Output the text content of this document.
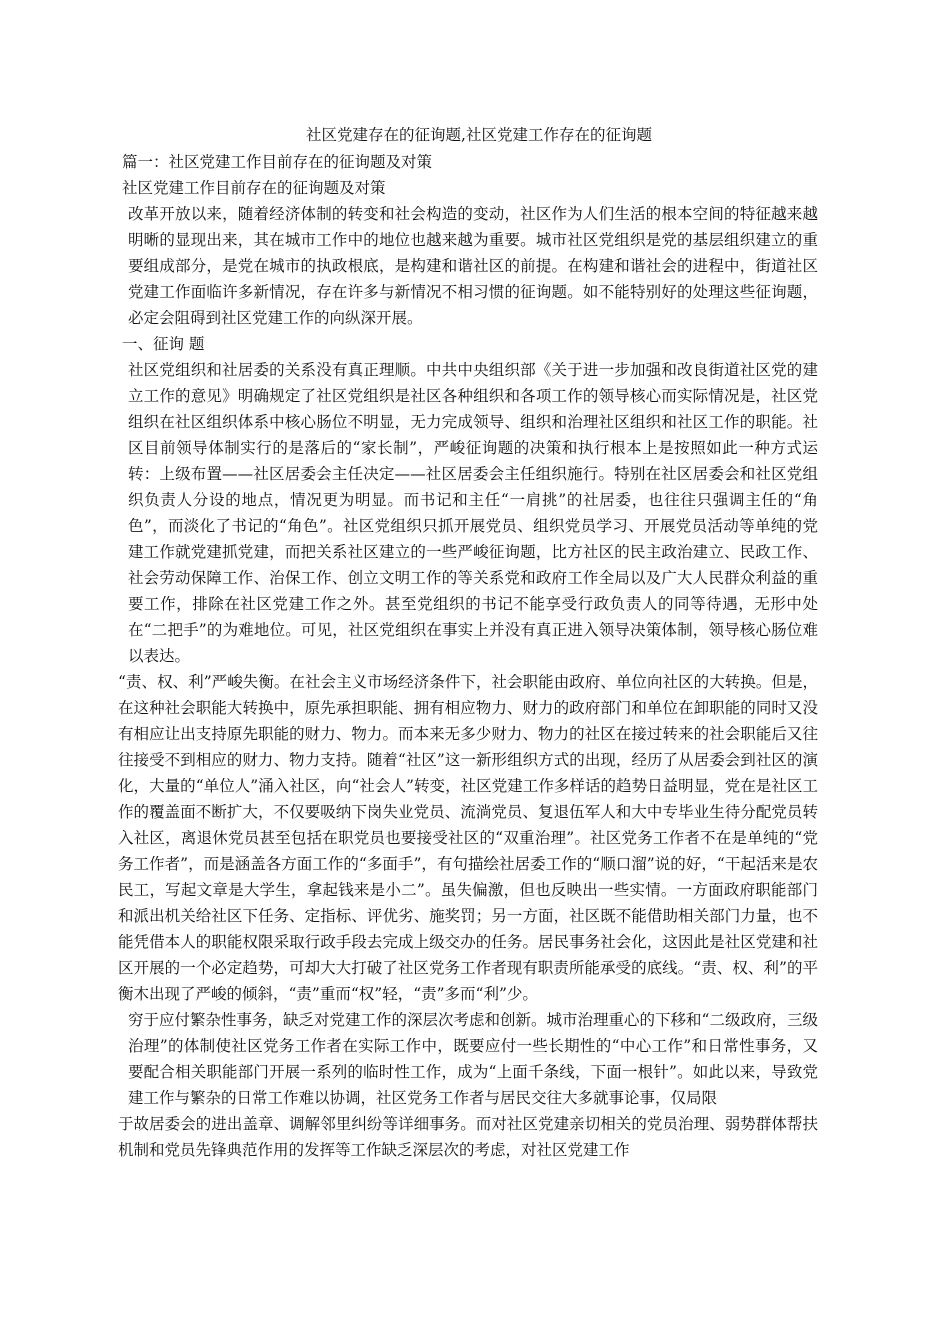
社区党建存在的征询题,社区党建工作存在的征询题

篇一：社区党建工作目前存在的征询题及对策

社区党建工作目前存在的征询题及对策

改革开放以来，随着经济体制的转变和社会构造的变动，社区作为人们生活的根本空间的特征越来越明晰的显现出来，其在城市工作中的地位也越来越为重要。城市社区党组织是党的基层组织建立的重要组成部分，是党在城市的执政根底，是构建和谐社区的前提。在构建和谐社会的进程中，街道社区党建工作面临许多新情况，存在许多与新情况不相习惯的征询题。如不能特别好的处理这些征询题，必定会阻碍到社区党建工作的向纵深开展。

一、征询 题

社区党组织和社居委的关系没有真正理顺。中共中央组织部《关于进一步加强和改良街道社区党的建立工作的意见》明确规定了社区党组织是社区各种组织和各项工作的领导核心而实际情况是，社区党组织在社区组织体系中核心肠位不明显，无力完成领导、组织和治理社区组织和社区工作的职能。社区目前领导体制实行的是落后的“家长制”，严峻征询题的决策和执行根本上是按照如此一种方式运转：上级布置——社区居委会主任决定——社区居委会主任组织施行。特别在社区居委会和社区党组织负责人分设的地点，情况更为明显。而书记和主任“一肩挑”的社居委，也往往只强调主任的“角色”，而淡化了书记的“角色”。社区党组织只抓开展党员、组织党员学习、开展党员活动等单纯的党建工作就党建抓党建，而把关系社区建立的一些严峻征询题，比方社区的民主政治建立、民政工作、社会劳动保障工作、治保工作、创立文明工作的等关系党和政府工作全局以及广大人民群众利益的重要工作，排除在社区党建工作之外。甚至党组织的书记不能享受行政负责人的同等待遇，无形中处在“二把手”的为难地位。可见，社区党组织在事实上并没有真正进入领导决策体制，领导核心肠位难以表达。

“责、权、利”严峻失衡。在社会主义市场经济条件下，社会职能由政府、单位向社区的大转换。但是，在这种社会职能大转换中，原先承担职能、拥有相应物力、财力的政府部门和单位在卸职能的同时又没有相应让出支持原先职能的财力、物力。而本来无多少财力、物力的社区在接过转来的社会职能后又往往接受不到相应的财力、物力支持。随着“社区”这一新形组织方式的出现，经历了从居委会到社区的演化，大量的“单位人”涌入社区，向“社会人”转变，社区党建工作多样话的趋势日益明显，党在是社区工作的覆盖面不断扩大，不仅要吸纳下岗失业党员、流淌党员、复退伍军人和大中专毕业生待分配党员转入社区，离退休党员甚至包括在职党员也要接受社区的“双重治理”。社区党务工作者不在是单纯的“党务工作者”，而是涵盖各方面工作的“多面手”，有句描绘社居委工作的“顺口溜”说的好，“干起活来是农民工，写起文章是大学生，拿起钱来是小二”。虽失偏激，但也反映出一些实情。一方面政府职能部门和派出机关给社区下任务、定指标、评优劣、施奖罚；另一方面，社区既不能借助相关部门力量，也不能凭借本人的职能权限采取行政手段去完成上级交办的任务。居民事务社会化，这因此是社区党建和社区开展的一个必定趋势，可却大大打破了社区党务工作者现有职责所能承受的底线。“责、权、利”的平衡木出现了严峻的倾斜，“责”重而“权”轻，“责”多而“利”少。

穷于应付繁杂性事务，缺乏对党建工作的深层次考虑和创新。城市治理重心的下移和“二级政府，三级治理”的体制使社区党务工作者在实际工作中，既要应付一些长期性的“中心工作”和日常性事务，又要配合相关职能部门开展一系列的临时性工作，成为“上面千条线，下面一根针”。如此以来，导致党建工作与繁杂的日常工作难以协调，社区党务工作者与居民交往大多就事论事，仅局限

于故居委会的进出盖章、调解邻里纠纷等详细事务。而对社区党建亲切相关的党员治理、弱势群体帮扶机制和党员先锋典范作用的发挥等工作缺乏深层次的考虑，对社区党建工作
